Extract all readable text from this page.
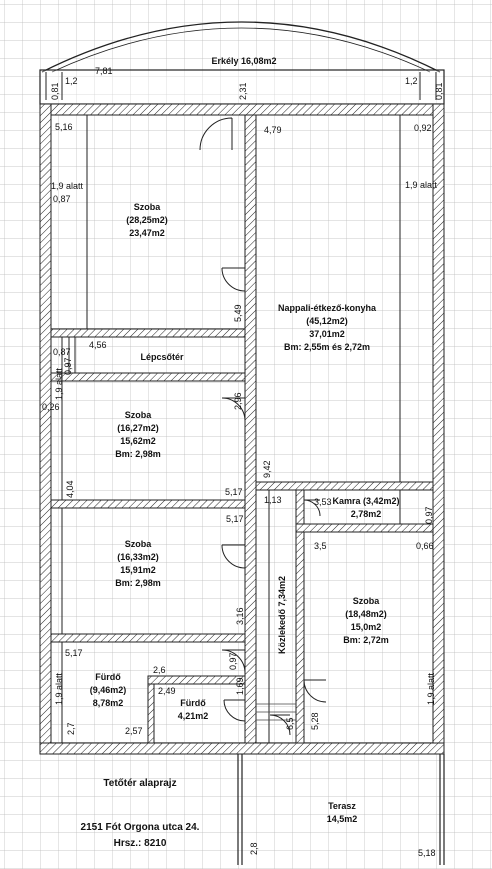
Erkély 16,08m2
Szoba
(28,25m2)
23,47m2
Nappali-étkező-konyha
(45,12m2)
37,01m2
Bm: 2,55m és 2,72m
Lépcsőtér
Szoba
(16,27m2)
15,62m2
Bm: 2,98m
Szoba
(16,33m2)
15,91m2
Bm: 2,98m
Kamra (3,42m2)
2,78m2
Szoba
(18,48m2)
15,0m2
Bm: 2,72m
Fürdő
(9,46m2)
8,78m2	Fürdő
4,21m2
Közlekedő 7,34m2
Terasz
14,5m2
1,2
7,81
2,31
1,2
0,81	0,81
5,16	4,79	0,92
1,9 alatt
0,87
1,9 alatt
5,49
4,56
0,87
0,97
1,9 alatt
0,26	2,96
4,04
9,42
5,17
1,13	3,53
0,97
5,17
3,5	0,66
3,16
5,17
2,6	0,97
1,9 alatt	2,49	1,69
2,7	2,57
6,5 5,28
1,9 alatt
2,8	5,18
Tetőtér alaprajz
2151 Fót Orgona utca 24.
Hrsz.: 8210
